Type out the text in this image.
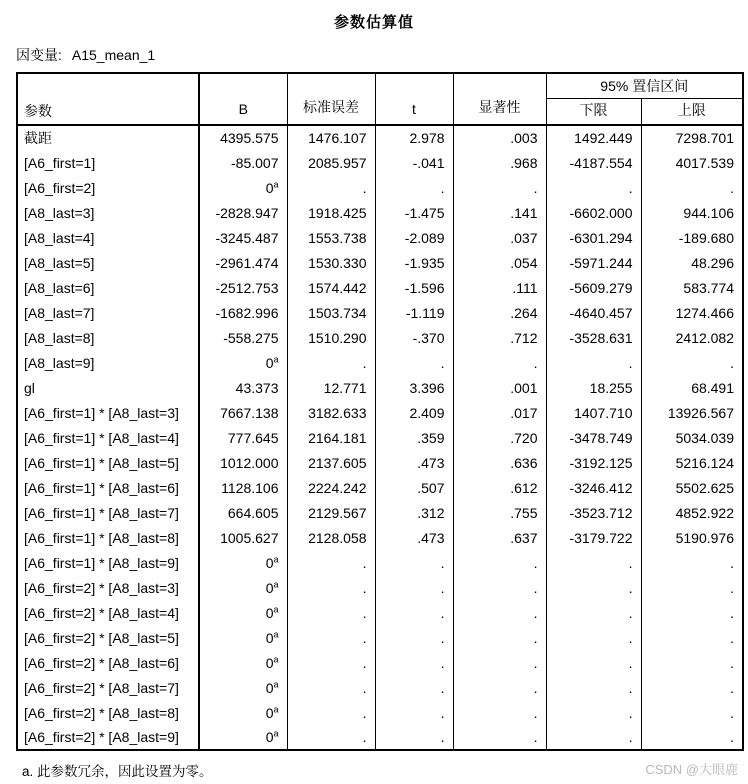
参数估算值
因变量: A15_mean_1
参数	B	标准误差	t	显著性	95% 置信区间	
					下限	上限
截距	4395.575	1476.107	2.978	.003	1492.449	7298.701
[A6_first=1]	-85.007	2085.957	-.041	.968	-4187.554	4017.539
[A6_first=2]	0$^a$	.	.	.	.	.
[A8_last=3]	-2828.947	1918.425	-1.475	.141	-6602.000	944.106
[A8_last=4]	-3245.487	1553.738	-2.089	.037	-6301.294	-189.680
[A8_last=5]	-2961.474	1530.330	-1.935	.054	-5971.244	48.296
[A8_last=6]	-2512.753	1574.442	-1.596	.111	-5609.279	583.774
[A8_last=7]	-1682.996	1503.734	-1.119	.264	-4640.457	1274.466
[A8_last=8]	-558.275	1510.290	-.370	.712	-3528.631	2412.082
[A8_last=9]	0$^a$	.	.	.	.	.
gl	43.373	12.771	3.396	.001	18.255	68.491
[A6_first=1] * [A8_last=3]	7667.138	3182.633	2.409	.017	1407.710	13926.567
[A6_first=1] * [A8_last=4]	777.645	2164.181	.359	.720	-3478.749	5034.039
[A6_first=1] * [A8_last=5]	1012.000	2137.605	.473	.636	-3192.125	5216.124
[A6_first=1] * [A8_last=6]	1128.106	2224.242	.507	.612	-3246.412	5502.625
[A6_first=1] * [A8_last=7]	664.605	2129.567	.312	.755	-3523.712	4852.922
[A6_first=1] * [A8_last=8]	1005.627	2128.058	.473	.637	-3179.722	5190.976
[A6_first=1] * [A8_last=9]	0$^a$	.	.	.	.	.
[A6_first=2] * [A8_last=3]	0$^a$	.	.	.	.	.
[A6_first=2] * [A8_last=4]	0$^a$	.	.	.	.	.
[A6_first=2] * [A8_last=5]	0$^a$	.	.	.	.	.
[A6_first=2] * [A8_last=6]	0$^a$	.	.	.	.	.
[A6_first=2] * [A8_last=7]	0$^a$	.	.	.	.	.
[A6_first=2] * [A8_last=8]	0$^a$	.	.	.	.	.
[A6_first=2] * [A8_last=9]	0$^a$	.	.	.	.	.
a. 此参数冗余，因此设置为零。	CSDN @大眼鹿
